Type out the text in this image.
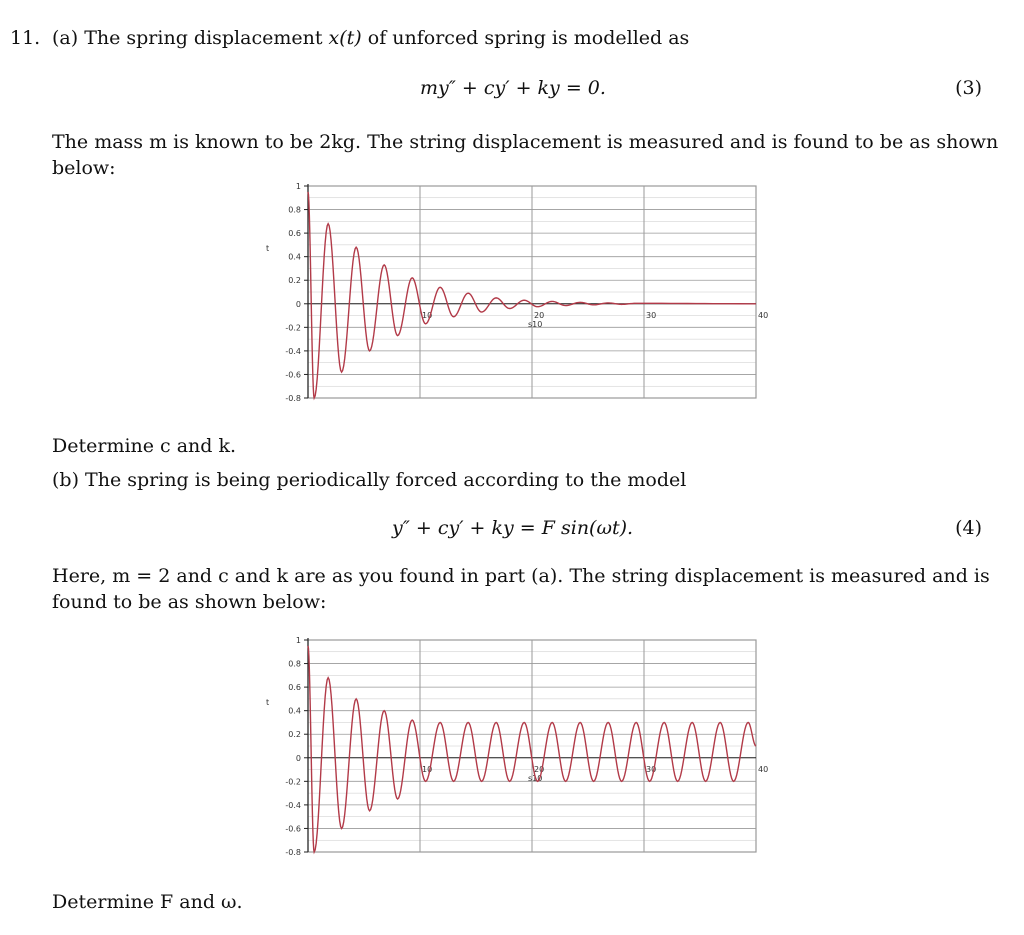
11. (a) The spring displacement x(t) of unforced spring is modelled as
my″ + cy′ + ky = 0.	(3)
The mass m is known to be 2kg. The string displacement is measured and is found to be as shown
below:
1
0.8
0.6
0.4
0.2
0
-0.2
-0.4
-0.6
-0.8
10	20	30	40
s10
t
Determine c and k.
(b) The spring is being periodically forced according to the model
y″ + cy′ + ky = F sin(ωt).	(4)
Here, m = 2 and c and k are as you found in part (a). The string displacement is measured and is
found to be as shown below:
1
0.8
0.6
0.4
0.2
0
-0.2
-0.4
-0.6
-0.8
10	20	30	40
s10
t
Determine F and ω.
